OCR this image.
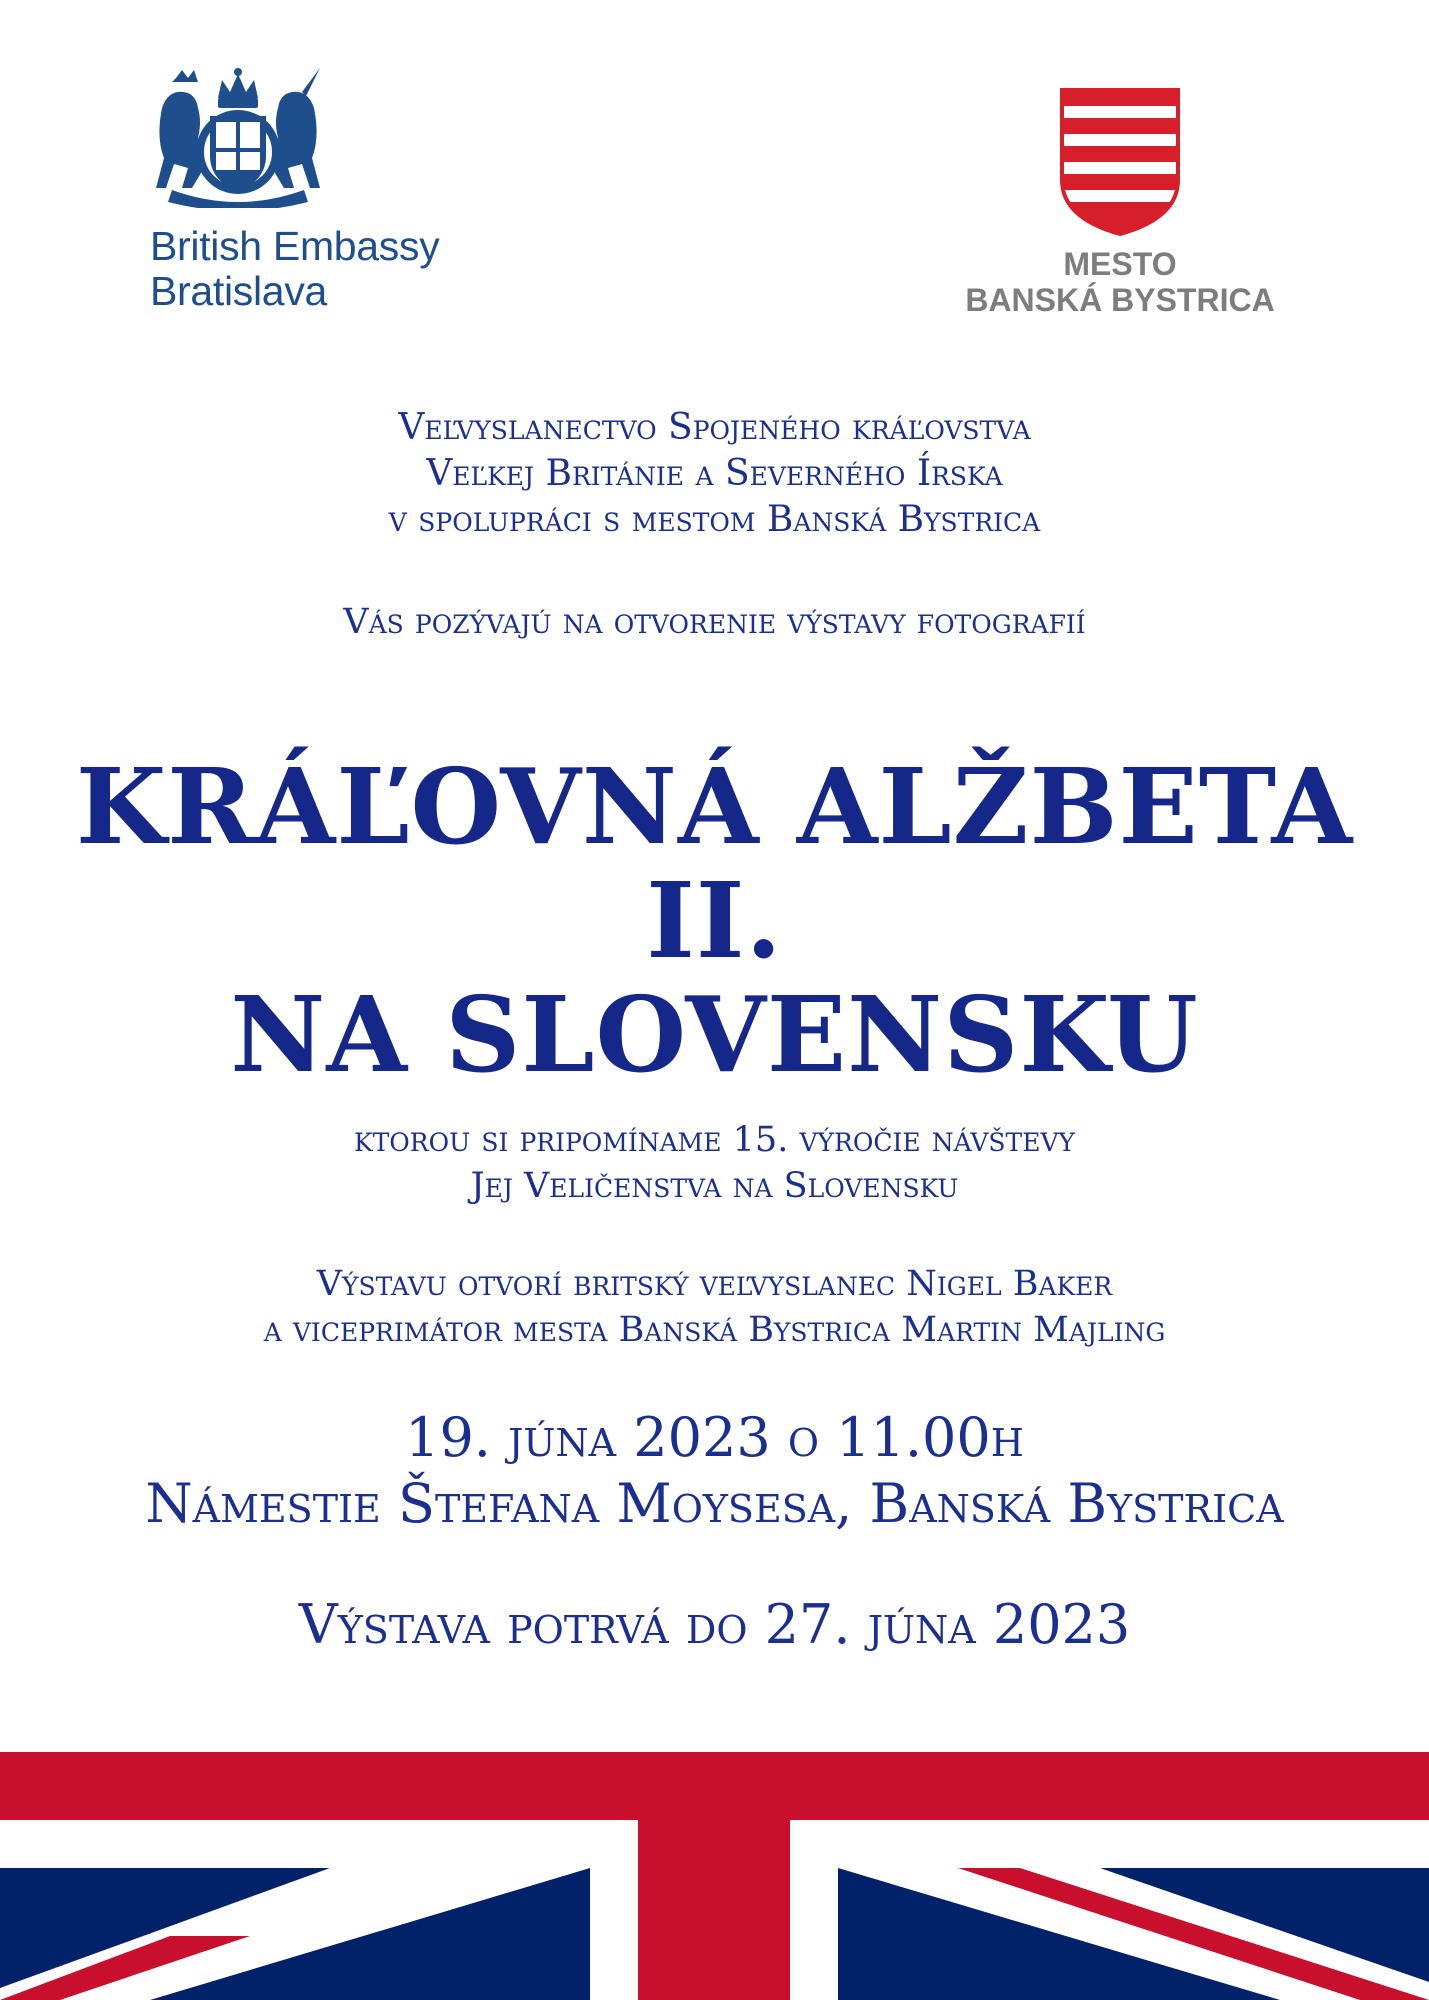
British Embassy
Bratislava
MESTO
BANSKÁ BYSTRICA
Veľvyslanectvo Spojeného kráľovstva
Veľkej Británie a Severného Írska
v spolupráci s mestom Banská Bystrica
Vás pozývajú na otvorenie výstavy fotografií
KRÁĽOVNÁ ALŽBETA II.
NA SLOVENSKU
ktorou si pripomíname 15. výročie návštevy
Jej Veličenstva na Slovensku
Výstavu otvorí britský veľvyslanec Nigel Baker
a viceprimátor mesta Banská Bystrica Martin Majling
19. júna 2023 o 11.00h
Námestie Štefana Moysesa, Banská Bystrica
Výstava potrvá do 27. júna 2023
